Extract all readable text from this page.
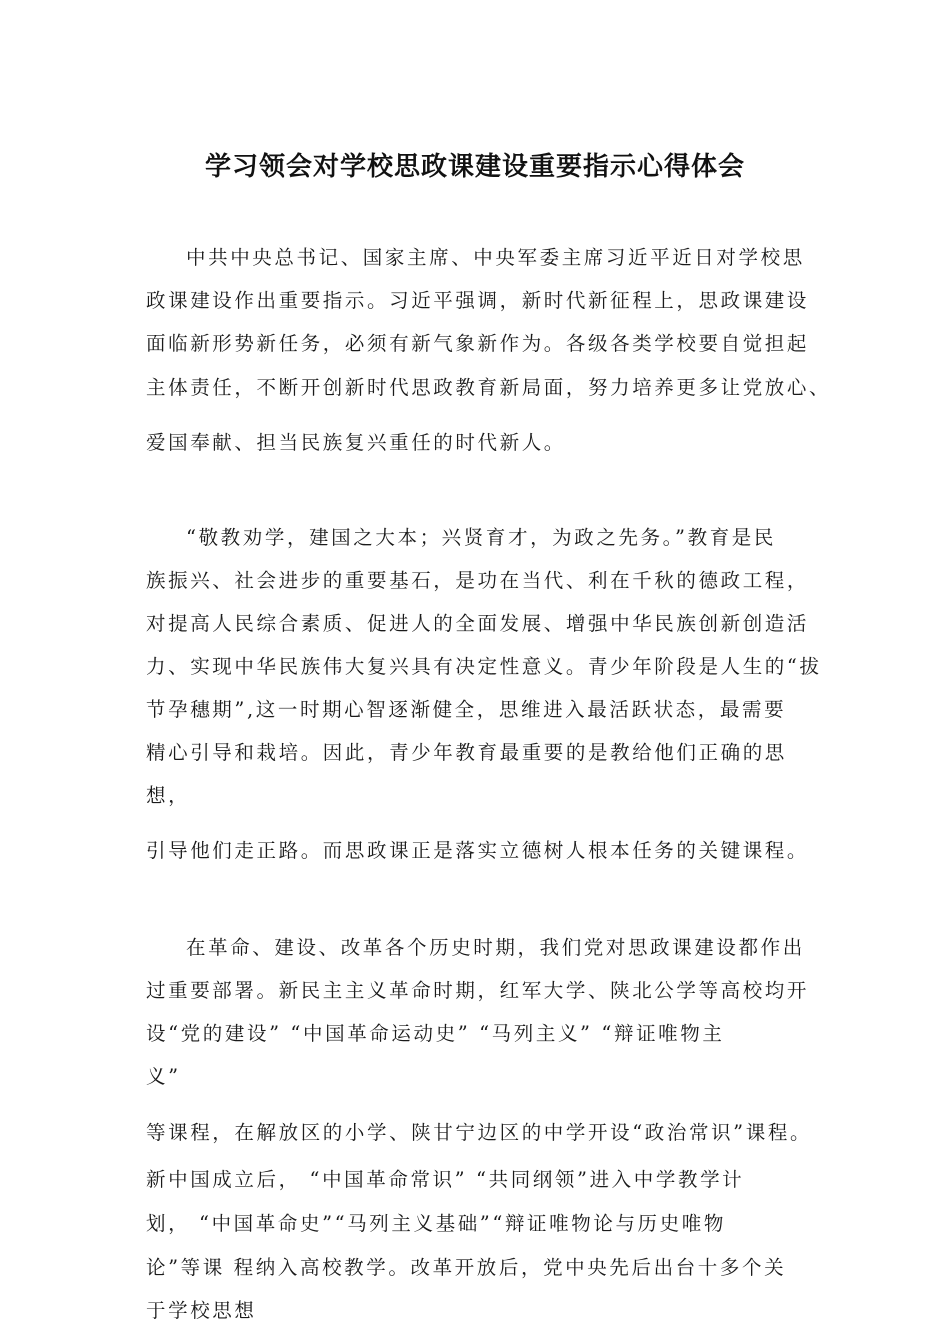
学习领会对学校思政课建设重要指示心得体会
中共中央总书记、国家主席、中央军委主席习近平近日对学校思
政课建设作出重要指示。习近平强调，新时代新征程上，思政课建设
面临新形势新任务，必须有新气象新作为。各级各类学校要自觉担起
主体责任，不断开创新时代思政教育新局面，努力培养更多让党放心、
爱国奉献、担当民族复兴重任的时代新人。
“敬教劝学，建国之大本；兴贤育才，为政之先务。”教育是民
族振兴、社会进步的重要基石，是功在当代、利在千秋的德政工程，
对提高人民综合素质、促进人的全面发展、增强中华民族创新创造活
力、实现中华民族伟大复兴具有决定性意义。青少年阶段是人生的“拔
节孕穗期”,这一时期心智逐渐健全，思维进入最活跃状态，最需要
精心引导和栽培。因此，青少年教育最重要的是教给他们正确的思
想，
引导他们走正路。而思政课正是落实立德树人根本任务的关键课程。
在革命、建设、改革各个历史时期，我们党对思政课建设都作出
过重要部署。新民主主义革命时期，红军大学、陕北公学等高校均开
设“党的建设” “中国革命运动史” “马列主义” “辩证唯物主
义”
等课程，在解放区的小学、陕甘宁边区的中学开设“政治常识”课程。
新中国成立后， “中国革命常识” “共同纲领”进入中学教学计
划， “中国革命史”“马列主义基础”“辩证唯物论与历史唯物
论”等课 程纳入高校教学。改革开放后，党中央先后出台十多个关
于学校思想
